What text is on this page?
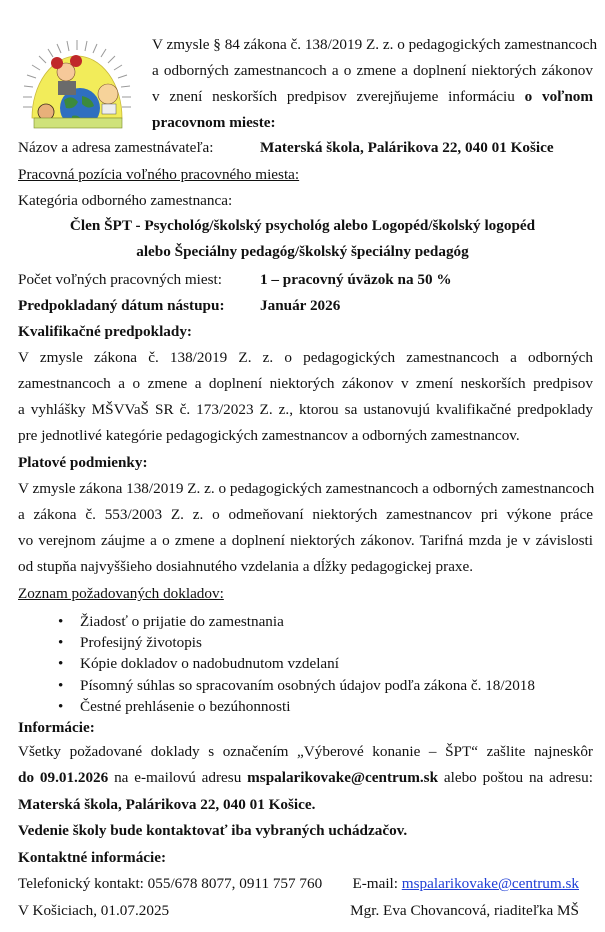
V zmysle § 84 zákona č. 138/2019 Z. z. o pedagogických zamestnancoch
a odborných zamestnancoch a o zmene a doplnení niektorých zákonov
v znení neskorších predpisov zverejňujeme informáciu o voľnom
pracovnom mieste:
Názov a adresa zamestnávateľa:	Materská škola, Palárikova 22, 040 01 Košice
Pracovná pozícia voľného pracovného miesta:
Kategória odborného zamestnanca:
Člen ŠPT - Psychológ/školský psychológ alebo Logopéd/školský logopéd
alebo Špeciálny pedagóg/školský špeciálny pedagóg
Počet voľných pracovných miest:	1 – pracovný úväzok na 50 %
Predpokladaný dátum nástupu: Január 2026
Kvalifikačné predpoklady:
V zmysle zákona č. 138/2019 Z. z. o pedagogických zamestnancoch a odborných
zamestnancoch a o zmene a doplnení niektorých zákonov v zmení neskorších predpisov
a vyhlášky MŠVVaŠ SR č. 173/2023 Z. z., ktorou sa ustanovujú kvalifikačné predpoklady
pre jednotlivé kategórie pedagogických zamestnancov a odborných zamestnancov.
Platové podmienky:
V zmysle zákona 138/2019 Z. z. o pedagogických zamestnancoch a odborných zamestnancoch
a zákona č. 553/2003 Z. z. o odmeňovaní niektorých zamestnancov pri výkone práce
vo verejnom záujme a o zmene a doplnení niektorých zákonov. Tarifná mzda je v závislosti
od stupňa najvyššieho dosiahnutého vzdelania a dĺžky pedagogickej praxe.
Zoznam požadovaných dokladov:
• Žiadosť o prijatie do zamestnania
• Profesijný životopis
• Kópie dokladov o nadobudnutom vzdelaní
• Písomný súhlas so spracovaním osobných údajov podľa zákona č. 18/2018
• Čestné prehlásenie o bezúhonnosti
Informácie:
Všetky požadované doklady s označením „Výberové konanie – ŠPT“ zašlite najneskôr
do 09.01.2026 na e-mailovú adresu mspalarikovake@centrum.sk alebo poštou na adresu:
Materská škola, Palárikova 22, 040 01 Košice.
Vedenie školy bude kontaktovať iba vybraných uchádzačov.
Kontaktné informácie:
Telefonický kontakt: 055/678 8077, 0911 757 760 E-mail: mspalarikovake@centrum.sk
V Košiciach, 01.07.2025	Mgr. Eva Chovancová, riaditeľka MŠ
